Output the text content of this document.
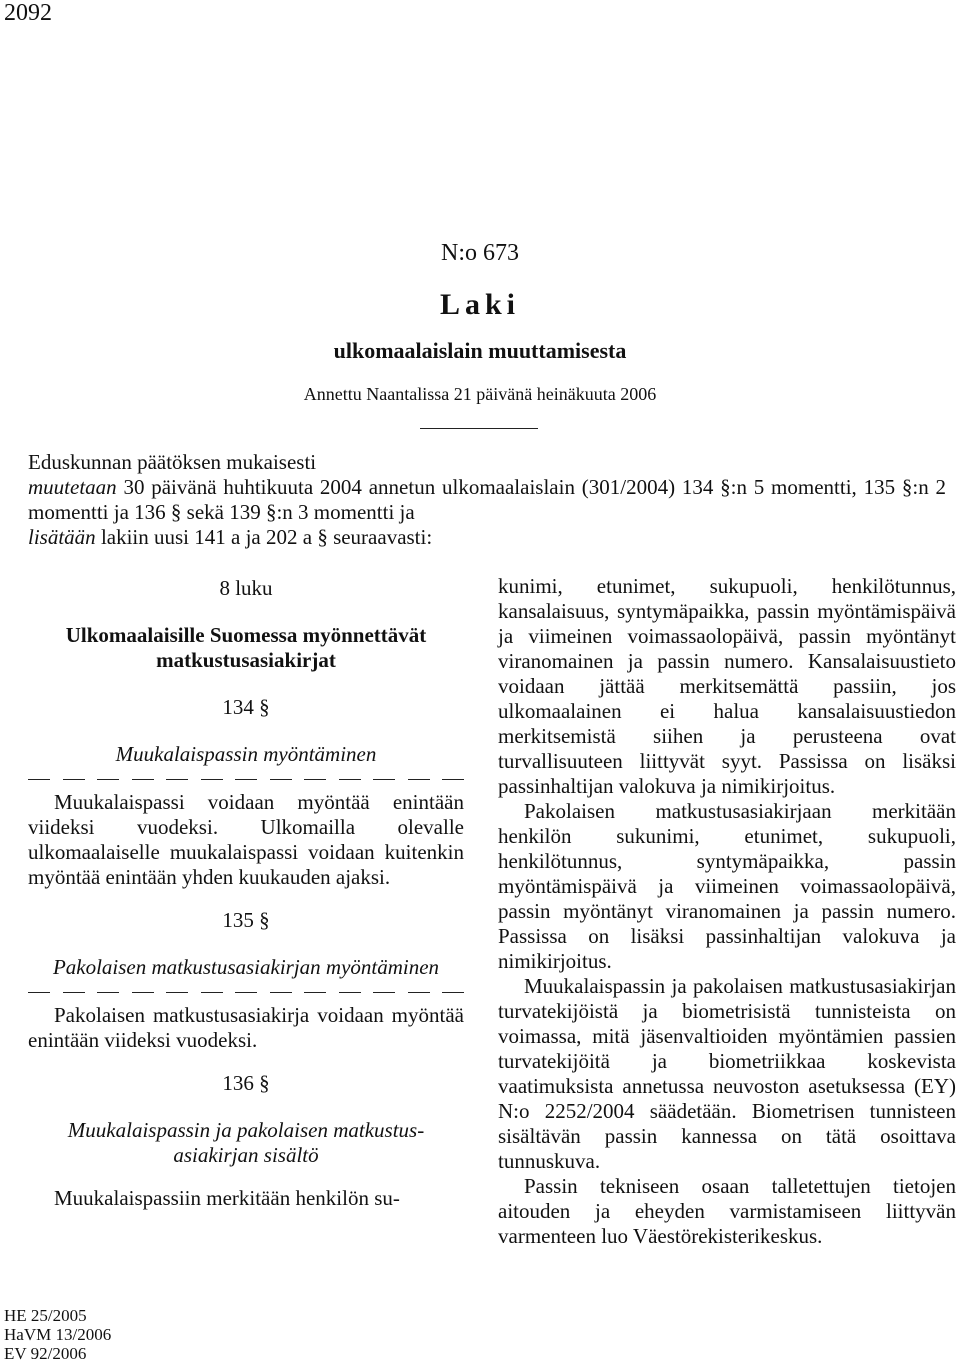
2092
N:o 673
Laki
ulkomaalaislain muuttamisesta
Annettu Naantalissa 21 päivänä heinäkuuta 2006

Eduskunnan päätöksen mukaisesti

muutetaan 30 päivänä huhtikuuta 2004 annetun ulkomaalaislain (301/2004) 134 §:n 5 momentti, 135 §:n 2 momentti ja 136 § sekä 139 §:n 3 momentti ja

lisätään lakiin uusi 141 a ja 202 a § seuraavasti:

8 luku
Ulkomaalaisille Suomessa myönnettävät
matkustusasiakirjat
134 §
Muukalaispassin myöntäminen

Muukalaispassi voidaan myöntää enintään viideksi vuodeksi. Ulkomailla olevalle ulkomaalaiselle muukalaispassi voidaan kuitenkin myöntää enintään yhden kuukauden ajaksi.

135 §
Pakolaisen matkustusasiakirjan myöntäminen

Pakolaisen matkustusasiakirja voidaan myöntää enintään viideksi vuodeksi.

136 §
Muukalaispassin ja pakolaisen matkustus-
asiakirjan sisältö

Muukalaispassiin merkitään henkilön su-

kunimi, etunimet, sukupuoli, henkilötunnus, kansalaisuus, syntymäpaikka, passin myöntämispäivä ja viimeinen voimassaolopäivä, passin myöntänyt viranomainen ja passin numero. Kansalaisuustieto voidaan jättää merkitsemättä passiin, jos ulkomaalainen ei halua kansalaisuustiedon merkitsemistä siihen ja perusteena ovat turvallisuuteen liittyvät syyt. Passissa on lisäksi passinhaltijan valokuva ja nimikirjoitus.

Pakolaisen matkustusasiakirjaan merkitään henkilön sukunimi, etunimet, sukupuoli, henkilötunnus, syntymäpaikka, passin myöntämispäivä ja viimeinen voimassaolopäivä, passin myöntänyt viranomainen ja passin numero. Passissa on lisäksi passinhaltijan valokuva ja nimikirjoitus.

Muukalaispassin ja pakolaisen matkustusasiakirjan turvatekijöistä ja biometrisistä tunnisteista on voimassa, mitä jäsenvaltioiden myöntämien passien turvatekijöitä ja biometriikkaa koskevista vaatimuksista annetussa neuvoston asetuksessa (EY) N:o 2252/2004 säädetään. Biometrisen tunnisteen sisältävän passin kannessa on tätä osoittava tunnuskuva.

Passin tekniseen osaan talletettujen tietojen aitouden ja eheyden varmistamiseen liittyvän varmenteen luo Väestörekisterikeskus.

HE 25/2005
HaVM 13/2006
EV 92/2006
